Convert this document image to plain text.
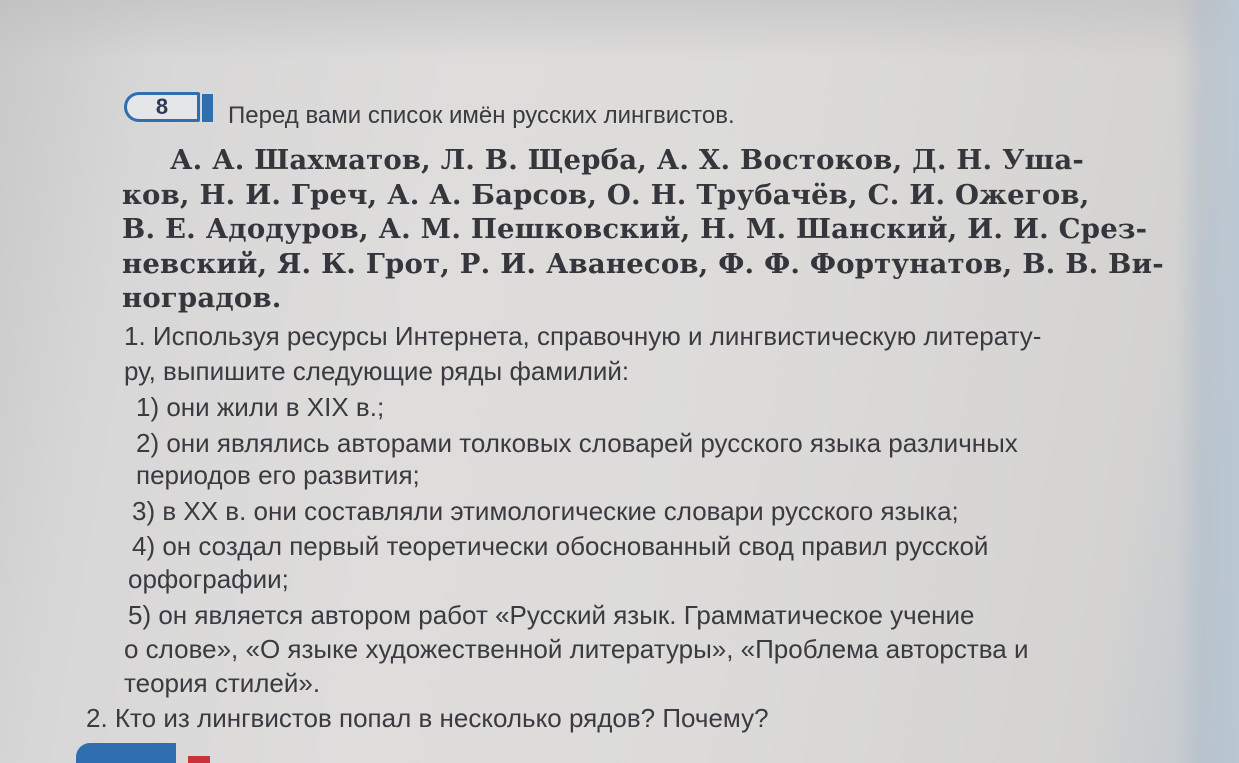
8	Перед вами список имён русских лингвистов.
А. А. Шахматов, Л. В. Щерба, А. Х. Востоков, Д. Н. Уша-
ков, Н. И. Греч, А. А. Барсов, О. Н. Трубачёв, С. И. Ожегов,
В. Е. Адодуров, А. М. Пешковский, Н. М. Шанский, И. И. Срез-
невский, Я. К. Грот, Р. И. Аванесов, Ф. Ф. Фортунатов, В. В. Ви-
ноградов.
1. Используя ресурсы Интернета, справочную и лингвистическую литерату-
ру, выпишите следующие ряды фамилий:
1) они жили в XIX в.;
2) они являлись авторами толковых словарей русского языка различных
периодов его развития;
3) в XX в. они составляли этимологические словари русского языка;
4) он создал первый теоретически обоснованный свод правил русской
орфографии;
5) он является автором работ «Русский язык. Грамматическое учение
о слове», «О языке художественной литературы», «Проблема авторства и
теория стилей».
2. Кто из лингвистов попал в несколько рядов? Почему?
